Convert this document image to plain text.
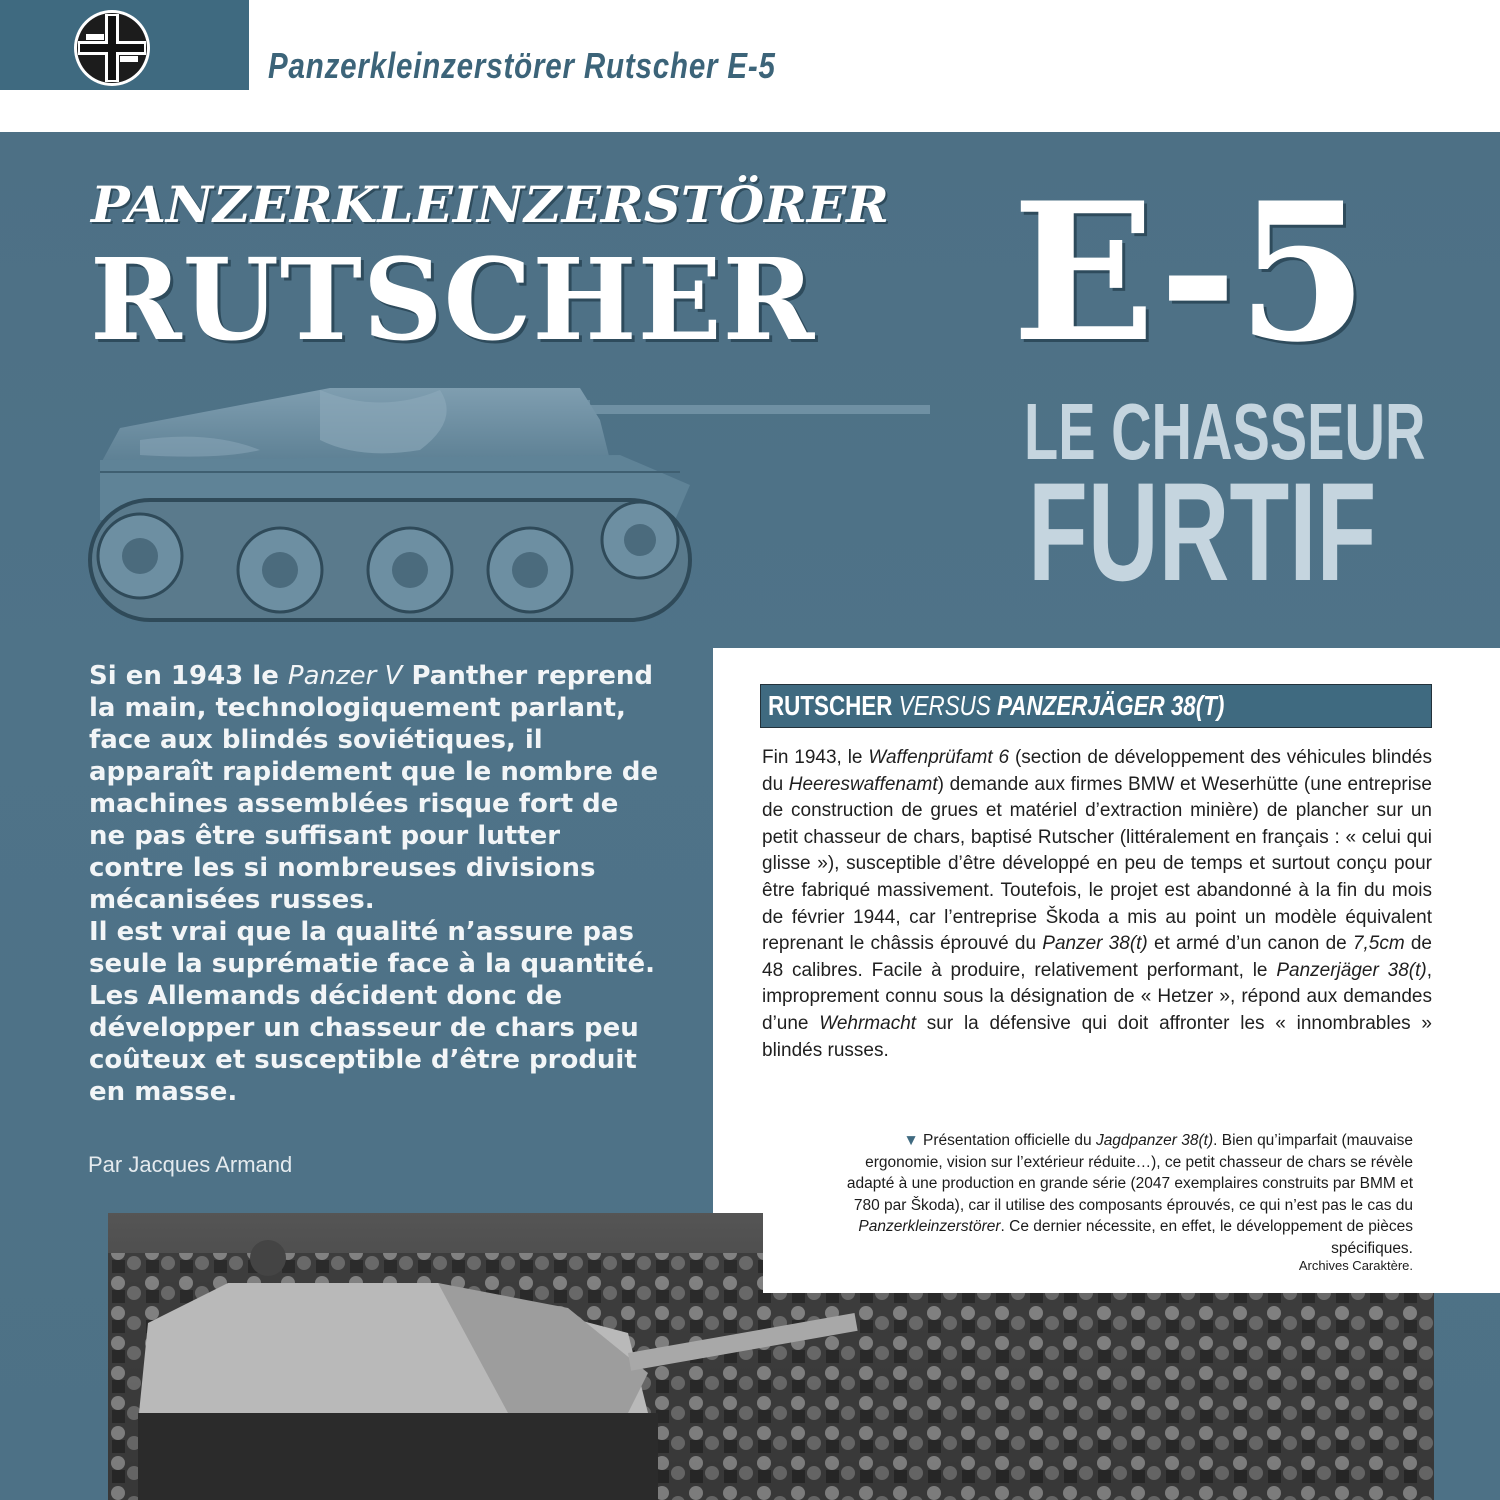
Panzerkleinzerstörer Rutscher E-5
PANZERKLEINZERSTÖRER
RUTSCHER E-5
LE CHASSEUR
FURTIF

Si en 1943 le Panzer V Panther reprend la main, technologiquement parlant, face aux blindés soviétiques, il apparaît rapidement que le nombre de machines assemblées risque fort de ne pas être suffisant pour lutter contre les si nombreuses divisions mécanisées russes.

Il est vrai que la qualité n’assure pas seule la suprématie face à la quantité. Les Allemands décident donc de développer un chasseur de chars peu coûteux et susceptible d’être produit en masse.

Par Jacques Armand
RUTSCHER VERSUS PANZERJÄGER 38(T)

Fin 1943, le Waffenprüfamt 6 (section de développement des véhicules blindés du Heereswaffenamt) demande aux firmes BMW et Weserhütte (une entreprise de construction de grues et matériel d’extraction minière) de plancher sur un petit chasseur de chars, baptisé Rutscher (littéralement en français : « celui qui glisse »), susceptible d’être développé en peu de temps et surtout conçu pour être fabriqué massivement. Toutefois, le projet est abandonné à la fin du mois de février 1944, car l’entreprise Škoda a mis au point un modèle équivalent reprenant le châssis éprouvé du Panzer 38(t) et armé d’un canon de 7,5cm de 48 calibres. Facile à produire, relativement performant, le Panzerjäger 38(t), improprement connu sous la désignation de « Hetzer », répond aux demandes d’une Wehrmacht sur la défensive qui doit affronter les « innombrables » blindés russes.

▼ Présentation officielle du Jagdpanzer 38(t). Bien qu’imparfait (mauvaise ergonomie, vision sur l’extérieur réduite…), ce petit chasseur de chars se révèle adapté à une production en grande série (2047 exemplaires construits par BMM et 780 par Škoda), car il utilise des composants éprouvés, ce qui n’est pas le cas du Panzerkleinzerstörer. Ce dernier nécessite, en effet, le développement de pièces spécifiques.

Archives Caraktère.
